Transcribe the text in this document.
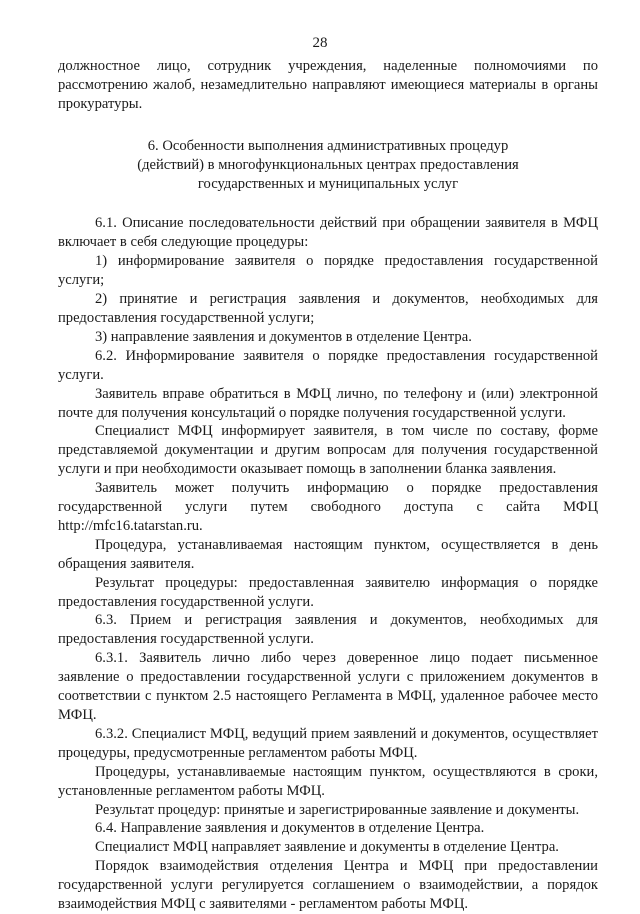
28

должностное лицо, сотрудник учреждения, наделенные полномочиями по рассмотрению жалоб, незамедлительно направляют имеющиеся материалы в органы прокуратуры.

6. Особенности выполнения административных процедур
(действий) в многофункциональных центрах предоставления
государственных и муниципальных услуг

6.1. Описание последовательности действий при обращении заявителя в МФЦ включает в себя следующие процедуры:

1) информирование заявителя о порядке предоставления государственной услуги;

2) принятие и регистрация заявления и документов, необходимых для предоставления государственной услуги;

3) направление заявления и документов в отделение Центра.

6.2. Информирование заявителя о порядке предоставления государственной услуги.

Заявитель вправе обратиться в МФЦ лично, по телефону и (или) электронной почте для получения консультаций о порядке получения государственной услуги.

Специалист МФЦ информирует заявителя, в том числе по составу, форме представляемой документации и другим вопросам для получения государственной услуги и при необходимости оказывает помощь в заполнении бланка заявления.

Заявитель может получить информацию о порядке предоставления государственной услуги путем свободного доступа с сайта МФЦ http://mfc16.tatarstan.ru.

Процедура, устанавливаемая настоящим пунктом, осуществляется в день обращения заявителя.

Результат процедуры: предоставленная заявителю информация о порядке предоставления государственной услуги.

6.3. Прием и регистрация заявления и документов, необходимых для предоставления государственной услуги.

6.3.1. Заявитель лично либо через доверенное лицо подает письменное заявление о предоставлении государственной услуги с приложением документов в соответствии с пунктом 2.5 настоящего Регламента в МФЦ, удаленное рабочее место МФЦ.

6.3.2. Специалист МФЦ, ведущий прием заявлений и документов, осуществляет процедуры, предусмотренные регламентом работы МФЦ.

Процедуры, устанавливаемые настоящим пунктом, осуществляются в сроки, установленные регламентом работы МФЦ.

Результат процедур: принятые и зарегистрированные заявление и документы.

6.4. Направление заявления и документов в отделение Центра.

Специалист МФЦ направляет заявление и документы в отделение Центра.

Порядок взаимодействия отделения Центра и МФЦ при предоставлении государственной услуги регулируется соглашением о взаимодействии, а порядок взаимодействия МФЦ с заявителями - регламентом работы МФЦ.
